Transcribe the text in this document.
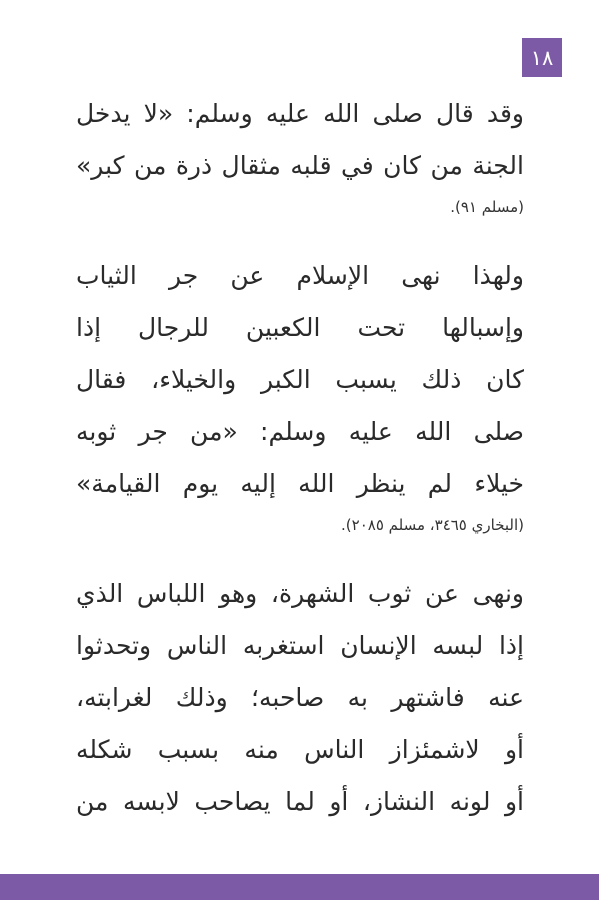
١٨
وقد قال صلى الله عليه وسلم: «لا يدخل
الجنة من كان في قلبه مثقال ذرة من كبر»
(مسلم ٩١).
ولهذا نهى الإسلام عن جر الثياب
وإسبالها تحت الكعبين للرجال إذا
كان ذلك يسبب الكبر والخيلاء، فقال
صلى الله عليه وسلم: «من جر ثوبه
خيلاء لم ينظر الله إليه يوم القيامة»
(البخاري ٣٤٦٥، مسلم ٢٠٨٥).
ونهى عن ثوب الشهرة، وهو اللباس الذي
إذا لبسه الإنسان استغربه الناس وتحدثوا
عنه فاشتهر به صاحبه؛ وذلك لغرابته،
أو لاشمئزاز الناس منه بسبب شكله
أو لونه النشاز، أو لما يصاحب لابسه من
